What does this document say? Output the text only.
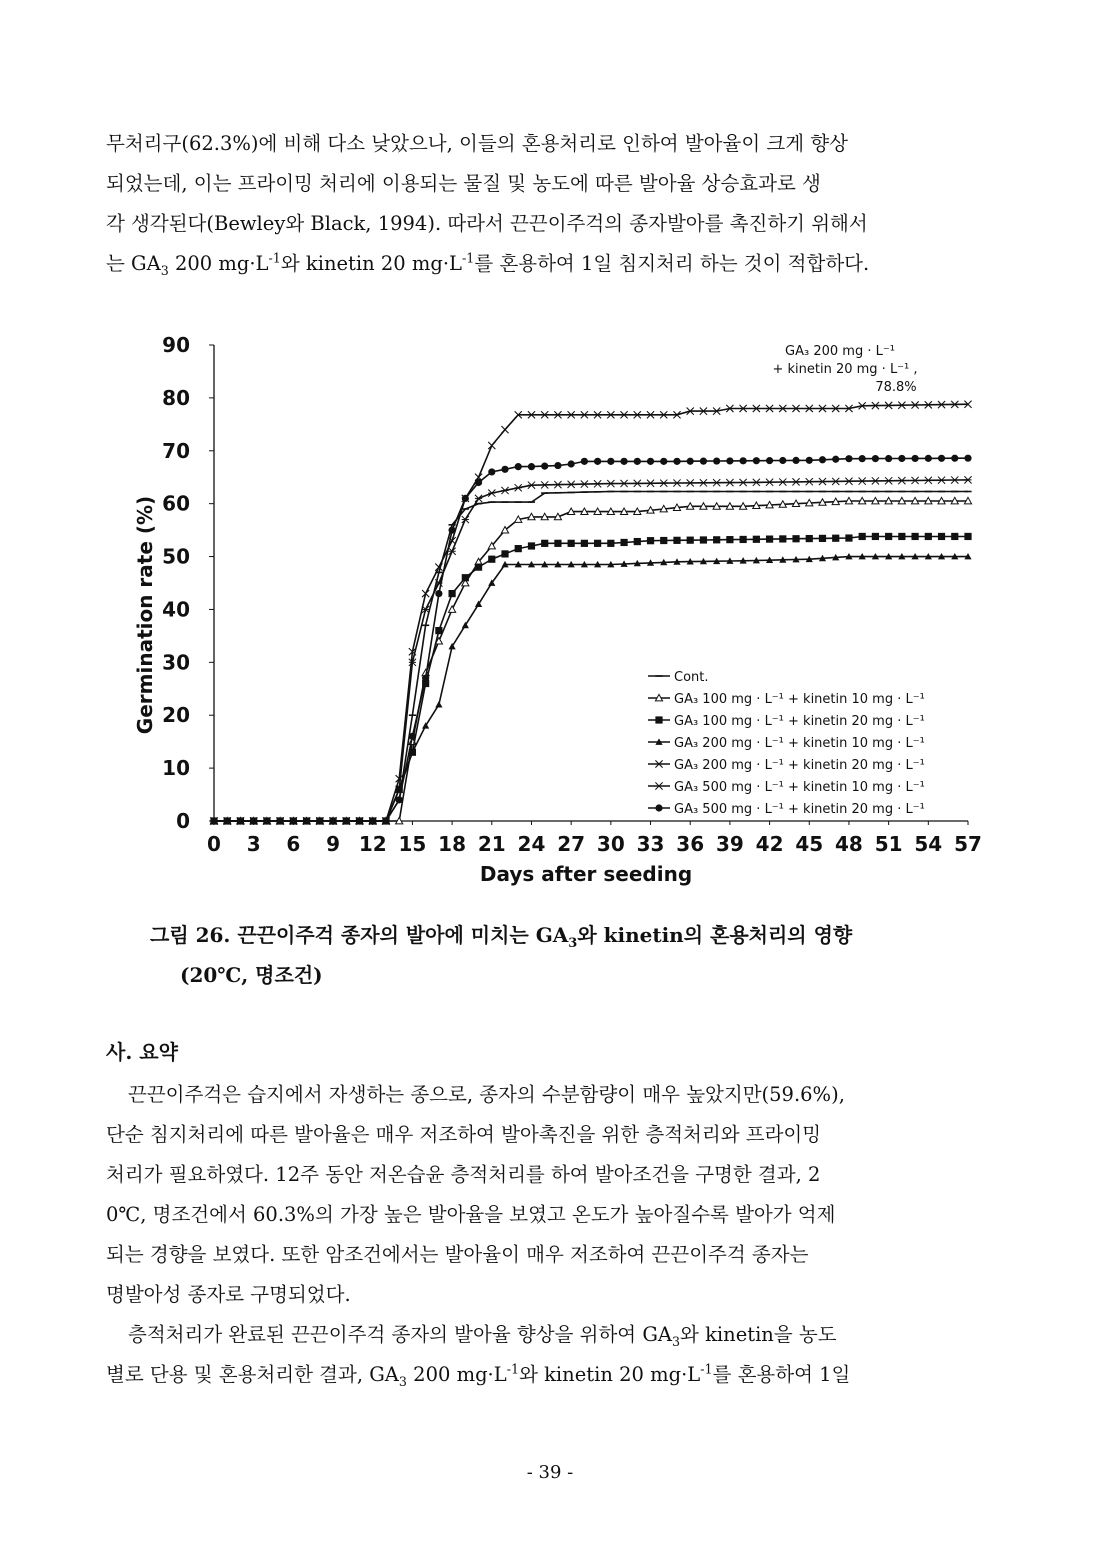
무처리구(62.3%)에 비해 다소 낮았으나, 이들의 혼용처리로 인하여 발아율이 크게 향상

되었는데, 이는 프라이밍 처리에 이용되는 물질 및 농도에 따른 발아율 상승효과로 생

각 생각된다(Bewley와 Black, 1994). 따라서 끈끈이주걱의 종자발아를 촉진하기 위해서

는 $GA_3$ 200 $mg\cdot L^{-1}$와 kinetin 20 $mg\cdot L^{-1}$를 혼용하여 1일 침지처리 하는 것이 적합하다.

0
10
20
30
40
50
60
70
80
90
0 3 6 9 12 15 18 21 24 27 30 33 36 39 42 45 48 51 54 57
GA₃ 200 mg · L⁻¹
+ kinetin 20 mg · L⁻¹ ,
78.8%
Cont.
GA₃ 100 mg · L⁻¹ + kinetin 10 mg · L⁻¹
GA₃ 100 mg · L⁻¹ + kinetin 20 mg · L⁻¹
GA₃ 200 mg · L⁻¹ + kinetin 10 mg · L⁻¹
GA₃ 200 mg · L⁻¹ + kinetin 20 mg · L⁻¹
GA₃ 500 mg · L⁻¹ + kinetin 10 mg · L⁻¹
GA₃ 500 mg · L⁻¹ + kinetin 20 mg · L⁻¹
Days after seeding
Germination rate (%)
그림 26. 끈끈이주걱 종자의 발아에 미치는 $GA_3$와 kinetin의 혼용처리의 영향
(20℃, 명조건)
사. 요약

끈끈이주걱은 습지에서 자생하는 종으로, 종자의 수분함량이 매우 높았지만(59.6%),

단순 침지처리에 따른 발아율은 매우 저조하여 발아촉진을 위한 층적처리와 프라이밍

처리가 필요하였다. 12주 동안 저온습윤 층적처리를 하여 발아조건을 구명한 결과, 2

0℃, 명조건에서 60.3%의 가장 높은 발아율을 보였고 온도가 높아질수록 발아가 억제

되는 경향을 보였다. 또한 암조건에서는 발아율이 매우 저조하여 끈끈이주걱 종자는

명발아성 종자로 구명되었다.

층적처리가 완료된 끈끈이주걱 종자의 발아율 향상을 위하여 $GA_3$와 kinetin을 농도

별로 단용 및 혼용처리한 결과, $GA_3$ 200 $mg\cdot L^{-1}$와 kinetin 20 $mg\cdot L^{-1}$를 혼용하여 1일

- 39 -
